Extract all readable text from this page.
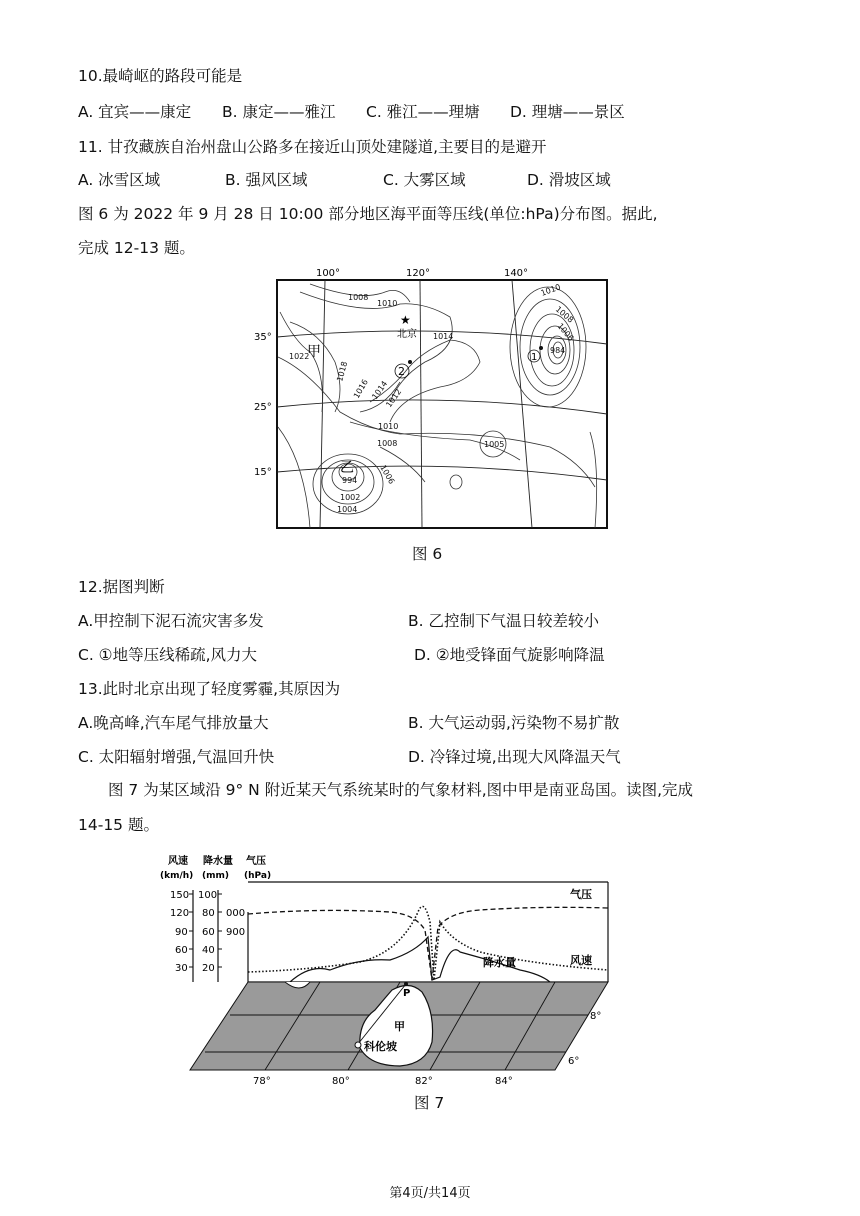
10.最崎岖的路段可能是
A. 宜宾——康定 B. 康定——雅江 C. 雅江——理塘 D. 理塘——景区
11. 甘孜藏族自治州盘山公路多在接近山顶处建隧道,主要目的是避开
A. 冰雪区域	B. 强风区域	C. 大雾区域	D. 滑坡区域
图 6 为 2022 年 9 月 28 日 10:00 部分地区海平面等压线(单位:hPa)分布图。据此,
完成 12-13 题。
100°	120°	140°
35°
25°
15°
1008
1010
1014
1022
1018
1016 1014
1012
1010
1008
1006
994
1002
1004
1005
1010
1008
1006
984
★
北京
甲
乙
2
1
图 6
12.据图判断
A.甲控制下泥石流灾害多发	B. 乙控制下气温日较差较小
C. ①地等压线稀疏,风力大	D. ②地受锋面气旋影响降温
13.此时北京出现了轻度雾霾,其原因为
A.晚高峰,汽车尾气排放量大	B. 大气运动弱,污染物不易扩散
C. 太阳辐射增强,气温回升快	D. 冷锋过境,出现大风降温天气
图 7 为某区域沿 9° N 附近某天气系统某时的气象材料,图中甲是南亚岛国。读图,完成
14-15 题。
风速 降水量 气压
(km/h) (mm) (hPa)
150
120
90
60
30
100
80
60
40
20
000
900
气压
风速
降水量
P
甲
科伦坡
78°	80°	82°	84°
8°
6°
图 7
第4页/共14页
